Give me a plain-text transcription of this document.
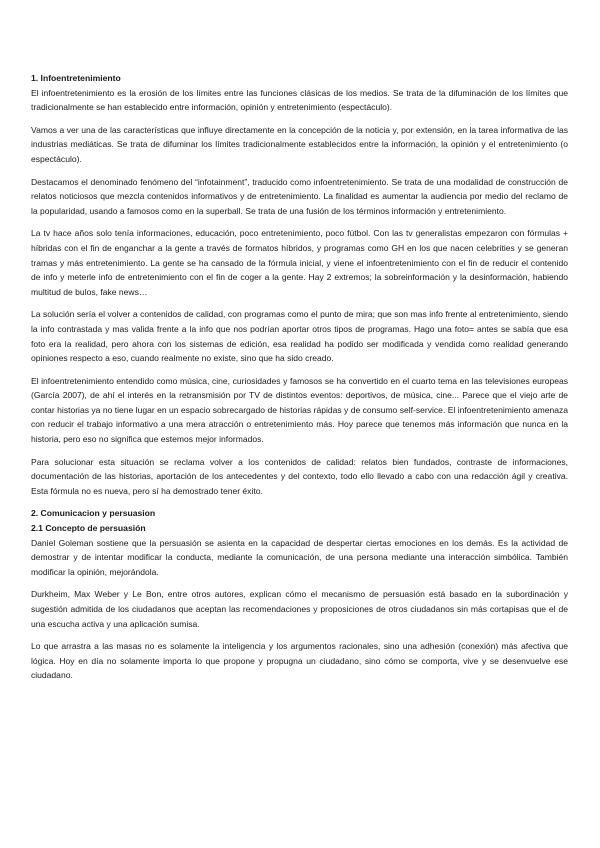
1. Infoentretenimiento

El infoentretenimiento es la erosión de los límites entre las funciones clásicas de los medios. Se trata de la difuminación de los límites que tradicionalmente se han establecido entre información, opinión y entretenimiento (espectáculo).

Vamos a ver una de las características que influye directamente en la concepción de la noticia y, por extensión, en la tarea informativa de las industrias mediáticas. Se trata de difuminar los límites tradicionalmente establecidos entre la información, la opinión y el entretenimiento (o espectáculo).

Destacamos el denominado fenómeno del “infotainment”, traducido como infoentretenimiento. Se trata de una modalidad de construcción de relatos noticiosos que mezcla contenidos informativos y de entretenimiento. La finalidad es aumentar la audiencia por medio del reclamo de la popularidad, usando a famosos como en la superball. Se trata de una fusión de los términos información y entretenimiento.

La tv hace años solo tenía informaciones, educación, poco entretenimiento, poco fútbol. Con las tv generalistas empezaron con fórmulas + híbridas con el fin de enganchar a la gente a través de formatos híbridos, y programas como GH en los que nacen celebrities y se generan tramas y más entretenimiento. La gente se ha cansado de la fórmula inicial, y viene el infoentretenimiento con el fin de reducir el contenido de info y meterle info de entretenimiento con el fin de coger a la gente. Hay 2 extremos; la sobreinformación y la desinformación, habiendo multitud de bulos, fake news…

La solución sería el volver a contenidos de calidad, con programas como el punto de mira; que son mas info frente al entretenimiento, siendo la info contrastada y mas valida frente a la info que nos podrían aportar otros tipos de programas. Hago una foto= antes se sabía que esa foto era la realidad, pero ahora con los sistemas de edición, esa realidad ha podido ser modificada y vendida como realidad generando opiniones respecto a eso, cuando realmente no existe, sino que ha sido creado.

El infoentretenimiento entendido como música, cine, curiosidades y famosos se ha convertido en el cuarto tema en las televisiones europeas (García 2007), de ahí el interés en la retransmisión por TV de distintos eventos: deportivos, de música, cine... Parece que el viejo arte de contar historias ya no tiene lugar en un espacio sobrecargado de historias rápidas y de consumo self-service. El infoentretenimiento amenaza con reducir el trabajo informativo a una mera atracción o entretenimiento más. Hoy parece que tenemos más información que nunca en la historia, pero eso no significa que estemos mejor informados.

Para solucionar esta situación se reclama volver a los contenidos de calidad: relatos bien fundados, contraste de informaciones, documentación de las historias, aportación de los antecedentes y del contexto, todo ello llevado a cabo con una redacción ágil y creativa. Esta fórmula no es nueva, pero sí ha demostrado tener éxito.

2. Comunicacion y persuasion
2.1 Concepto de persuasión

Daniel Goleman sostiene que la persuasión se asienta en la capacidad de despertar ciertas emociones en los demás. Es la actividad de demostrar y de intentar modificar la conducta, mediante la comunicación, de una persona mediante una interacción simbólica. También modificar la opinión, mejorándola.

Durkheim, Max Weber y Le Bon, entre otros autores, explican cómo el mecanismo de persuasión está basado en la subordinación y sugestión admitida de los ciudadanos que aceptan las recomendaciones y proposiciones de otros ciudadanos sin más cortapisas que el de una escucha activa y una aplicación sumisa.

Lo que arrastra a las masas no es solamente la inteligencia y los argumentos racionales, sino una adhesión (conexión) más afectiva que lógica. Hoy en día no solamente importa lo que propone y propugna un ciudadano, sino cómo se comporta, vive y se desenvuelve ese ciudadano.
